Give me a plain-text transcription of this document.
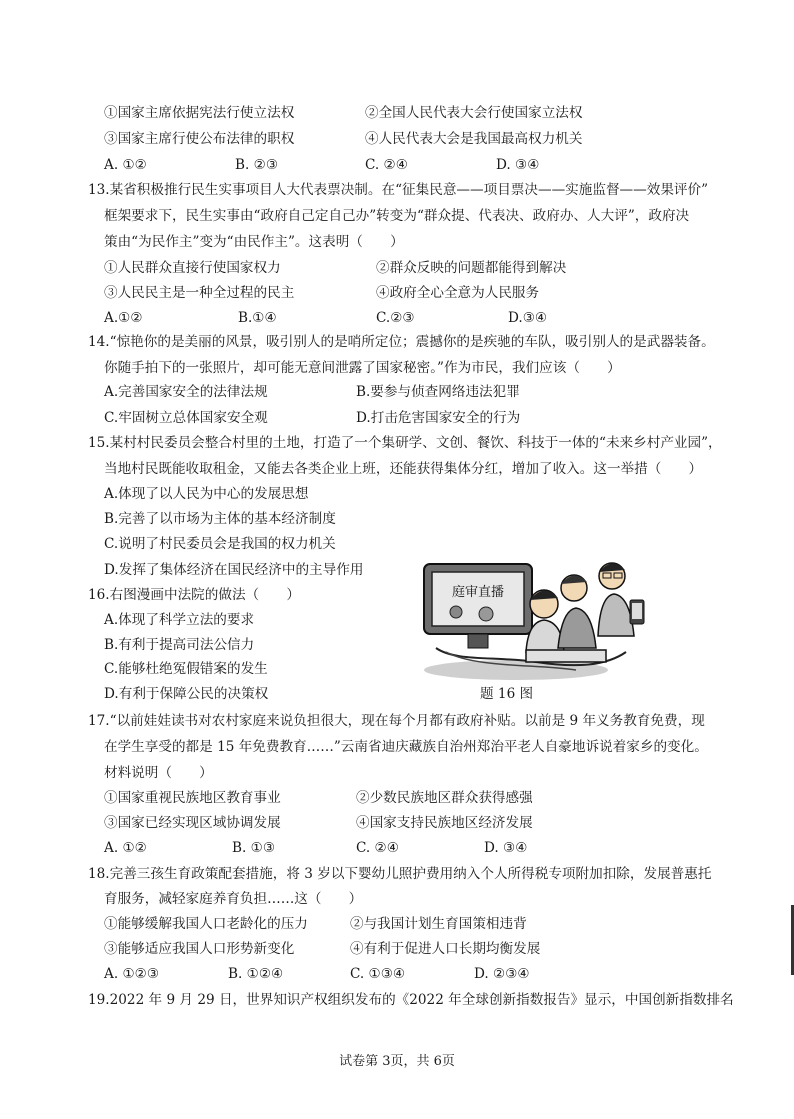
①国家主席依据宪法行使立法权	②全国人民代表大会行使国家立法权
③国家主席行使公布法律的职权	④人民代表大会是我国最高权力机关
A. ①②	B. ②③	C. ②④	D. ③④
13.某省积极推行民生实事项目人大代表票决制。在“征集民意——项目票决——实施监督——效果评价”
框架要求下，民生实事由“政府自己定自己办”转变为“群众提、代表决、政府办、人大评”，政府决
策由“为民作主”变为“由民作主”。这表明（　　）
①人民群众直接行使国家权力	②群众反映的问题都能得到解决
③人民民主是一种全过程的民主	④政府全心全意为人民服务
A.①②	B.①④	C.②③	D.③④
14.“惊艳你的是美丽的风景，吸引别人的是哨所定位；震撼你的是疾驰的车队，吸引别人的是武器装备。
你随手拍下的一张照片，却可能无意间泄露了国家秘密。”作为市民，我们应该（　　）
A.完善国家安全的法律法规	B.要参与侦查网络违法犯罪
C.牢固树立总体国家安全观	D.打击危害国家安全的行为
15.某村村民委员会整合村里的土地，打造了一个集研学、文创、餐饮、科技于一体的“未来乡村产业园”，
当地村民既能收取租金，又能去各类企业上班，还能获得集体分红，增加了收入。这一举措（　　）
A.体现了以人民为中心的发展思想
B.完善了以市场为主体的基本经济制度
C.说明了村民委员会是我国的权力机关
D.发挥了集体经济在国民经济中的主导作用
16.右图漫画中法院的做法（　　）
A.体现了科学立法的要求
B.有利于提高司法公信力
C.能够杜绝冤假错案的发生
D.有利于保障公民的决策权
庭审直播
题 16 图
17.“以前娃娃读书对农村家庭来说负担很大，现在每个月都有政府补贴。以前是 9 年义务教育免费，现
在学生享受的都是 15 年免费教育……”云南省迪庆藏族自治州郑治平老人自豪地诉说着家乡的变化。
材料说明（　　）
①国家重视民族地区教育事业	②少数民族地区群众获得感强
③国家已经实现区域协调发展	④国家支持民族地区经济发展
A. ①②	B. ①③	C. ②④	D. ③④
18.完善三孩生育政策配套措施，将 3 岁以下婴幼儿照护费用纳入个人所得税专项附加扣除，发展普惠托
育服务，减轻家庭养育负担……这（　　）
①能够缓解我国人口老龄化的压力	②与我国计划生育国策相违背
③能够适应我国人口形势新变化	④有利于促进人口长期均衡发展
A. ①②③	B. ①②④	C. ①③④	D. ②③④
19.2022 年 9 月 29 日，世界知识产权组织发布的《2022 年全球创新指数报告》显示，中国创新指数排名
试卷第 3页，共 6页
